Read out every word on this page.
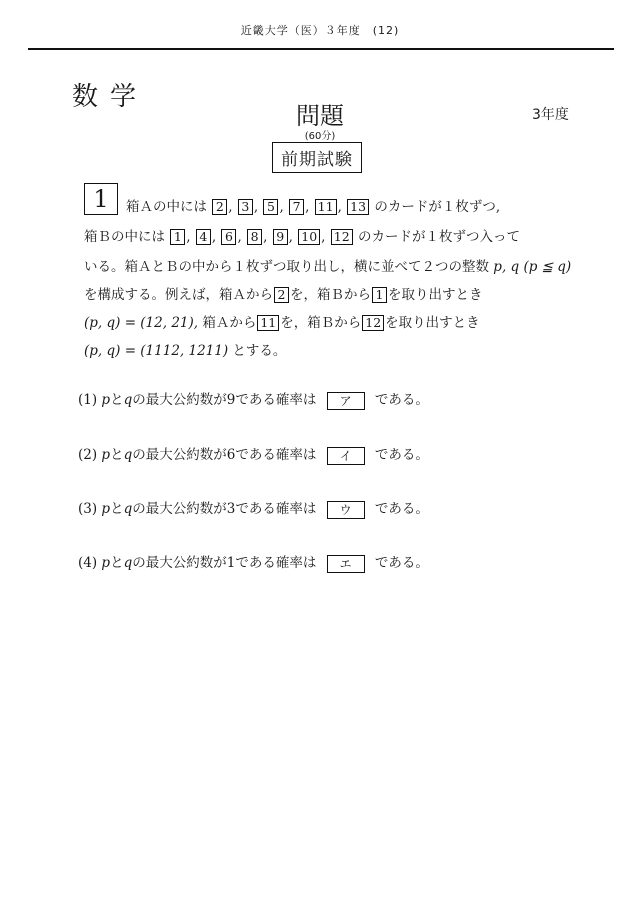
近畿大学（医）３年度　(12)
数学
問題	3年度
(60分)
前期試験
1	箱Ａの中には 2 , 3 , 5 , 7 , 11 , 13 のカードが１枚ずつ,
箱Ｂの中には 1 , 4 , 6 , 8 , 9 , 10 , 12 のカードが１枚ずつ入って
いる。箱ＡとＢの中から１枚ずつ取り出し，横に並べて２つの整数 p, q (p ≦ q)
を構成する。例えば，箱Ａから 2 を，箱Ｂから 1 を取り出すとき
(p, q) = (12, 21), 箱Ａから 11 を，箱Ｂから 12 を取り出すとき
(p, q) = (1112, 1211) とする。
(1) pとqの最大公約数が9である確率は ア である。
(2) pとqの最大公約数が6である確率は イ である。
(3) pとqの最大公約数が3である確率は ウ である。
(4) pとqの最大公約数が1である確率は エ である。
